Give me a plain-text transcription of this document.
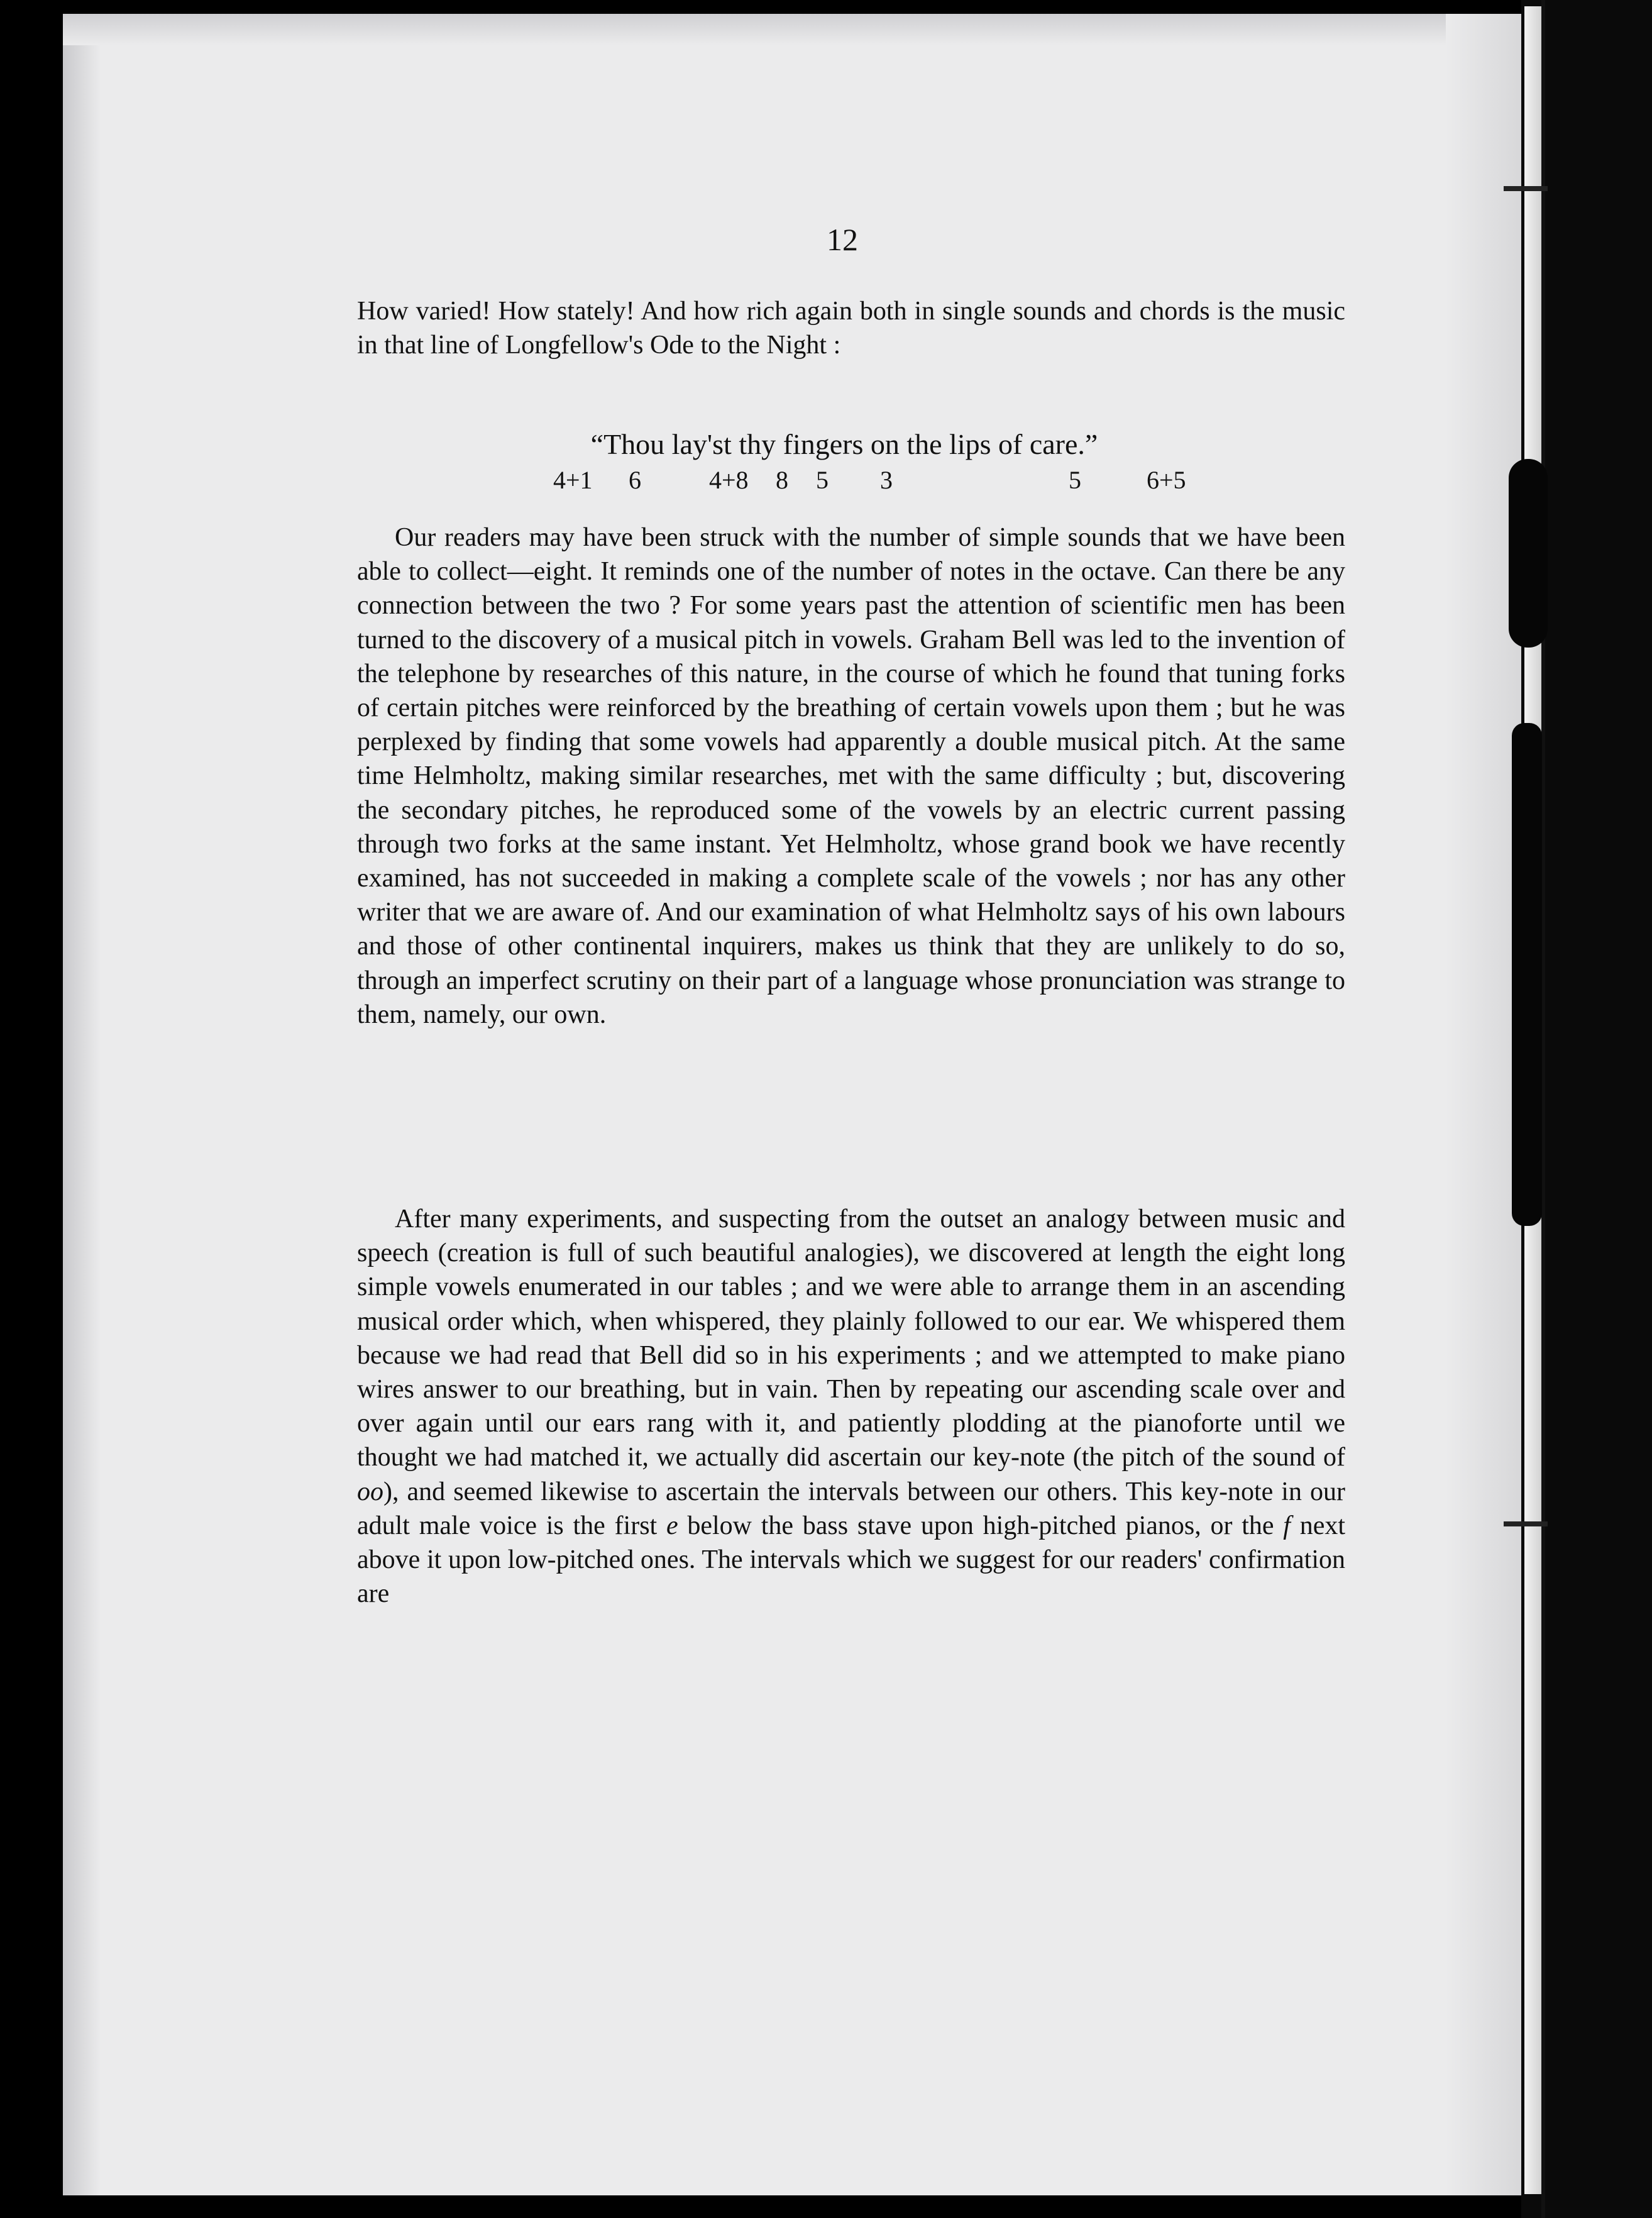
12
How varied! How stately! And how rich again both in single sounds and chords is the music in that line of Longfellow's Ode to the Night :
“Thou lay'st thy fingers on the lips of care.”
4+1 6	4+8 8 5 3	5	6+5
Our readers may have been struck with the number of simple sounds that we have been able to collect—eight. It reminds one of the number of notes in the octave. Can there be any connection between the two ? For some years past the attention of scientific men has been turned to the discovery of a musical pitch in vowels. Graham Bell was led to the invention of the telephone by researches of this nature, in the course of which he found that tuning forks of certain pitches were reinforced by the breathing of certain vowels upon them ; but he was perplexed by finding that some vowels had apparently a double musical pitch. At the same time Helmholtz, making similar researches, met with the same difficulty ; but, discovering the secondary pitches, he reproduced some of the vowels by an electric current passing through two forks at the same instant. Yet Helmholtz, whose grand book we have recently examined, has not succeeded in making a complete scale of the vowels ; nor has any other writer that we are aware of. And our examination of what Helmholtz says of his own labours and those of other continental inquirers, makes us think that they are unlikely to do so, through an imperfect scrutiny on their part of a language whose pronunciation was strange to them, namely, our own.
After many experiments, and suspecting from the outset an analogy between music and speech (creation is full of such beautiful analogies), we discovered at length the eight long simple vowels enumerated in our tables ; and we were able to arrange them in an ascending musical order which, when whispered, they plainly followed to our ear. We whispered them because we had read that Bell did so in his experiments ; and we attempted to make piano wires answer to our breathing, but in vain. Then by repeating our ascending scale over and over again until our ears rang with it, and patiently plodding at the pianoforte until we thought we had matched it, we actually did ascertain our key-note (the pitch of the sound of oo), and seemed likewise to ascertain the intervals between our others. This key-note in our adult male voice is the first e below the bass stave upon high-pitched pianos, or the f next above it upon low-pitched ones. The intervals which we suggest for our readers' confirmation are
